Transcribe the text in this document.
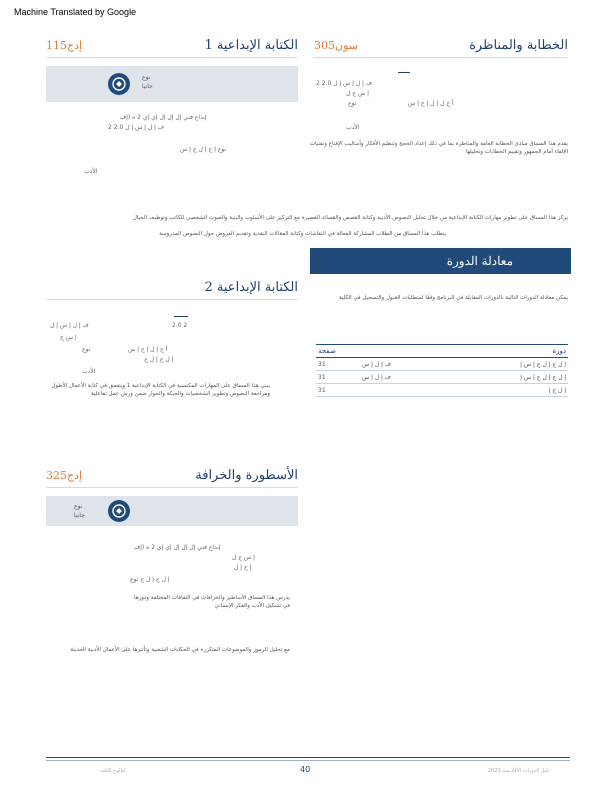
Machine Translated by Google
إدج115	الكتابة الإبداعية 1
نوع
جانيا
إبداع فني إل إل إل إي إي 2 ه (إف
ف إ ل إ س إ ل 2.0 2
نوع إ ج إ ل ج إ س
الأدب
سون305	الخطابة والمناظرة
ف إ ل إ س إ ل 2.0 2
إ س ج ل
نوع	أ ج ل إ ل إ ج إ س
الأدب
يقدم هذا المساق مبادئ الخطابة العامة والمناظرة بما في ذلك إعداد الحجج وتنظيم الأفكار وأساليب الإقناع وتقنيات الإلقاء أمام الجمهور وتقييم الخطابات وتحليلها
يركز هذا المساق على تطوير مهارات الكتابة الإبداعية من خلال تحليل النصوص الأدبية وكتابة القصص والقصائد القصيرة مع التركيز على الأسلوب والبنية والصوت الشخصي للكاتب وتوظيف الخيال
معادلة الدورة
يمكن معادلة الدورات التالية بالدورات المقابلة في البرنامج وفقًا لمتطلبات القبول والتسجيل في الكلية
صفحة		دورة
31	ف إ ل إ س	إ ل ج إ ل ج إ س إ
31	ف إ ل إ س	إ ل ج إ ل ج إ س إ
31		إ ل ج إ
الكتابة الإبداعية 2
ف إ ل إ س إ ل	2.0 2
إ س ج
نوع	أ ج إ ل إ ج إ س
إ ل ج إ ل ج
الأدب
يبني هذا المساق على المهارات المكتسبة في الكتابة الإبداعية 1 ويتعمق في كتابة الأعمال الأطول ومراجعة النصوص وتطوير الشخصيات والحبكة والحوار ضمن ورش عمل تفاعلية
يتطلب هذا المساق من الطلاب المشاركة الفعالة في النقاشات وكتابة المقالات النقدية وتقديم العروض حول النصوص المدروسة
إدج325	الأسطورة والخرافة
نوع
جانيا
إبداع فني إل إل إل إي إي 2 ه (إف
إ س ج ل
إ ج إ ل
إ ل ج إ ل ج نوع
يدرس هذا المساق الأساطير والخرافات في الثقافات المختلفة ودورها في تشكيل الأدب والفكر الإنساني
مع تحليل الرموز والموضوعات المتكررة في الحكايات الشعبية وتأثيرها على الأعمال الأدبية الحديثة
كتالوج الكلية	40	دليل الدورات الأكاديمية 2023
